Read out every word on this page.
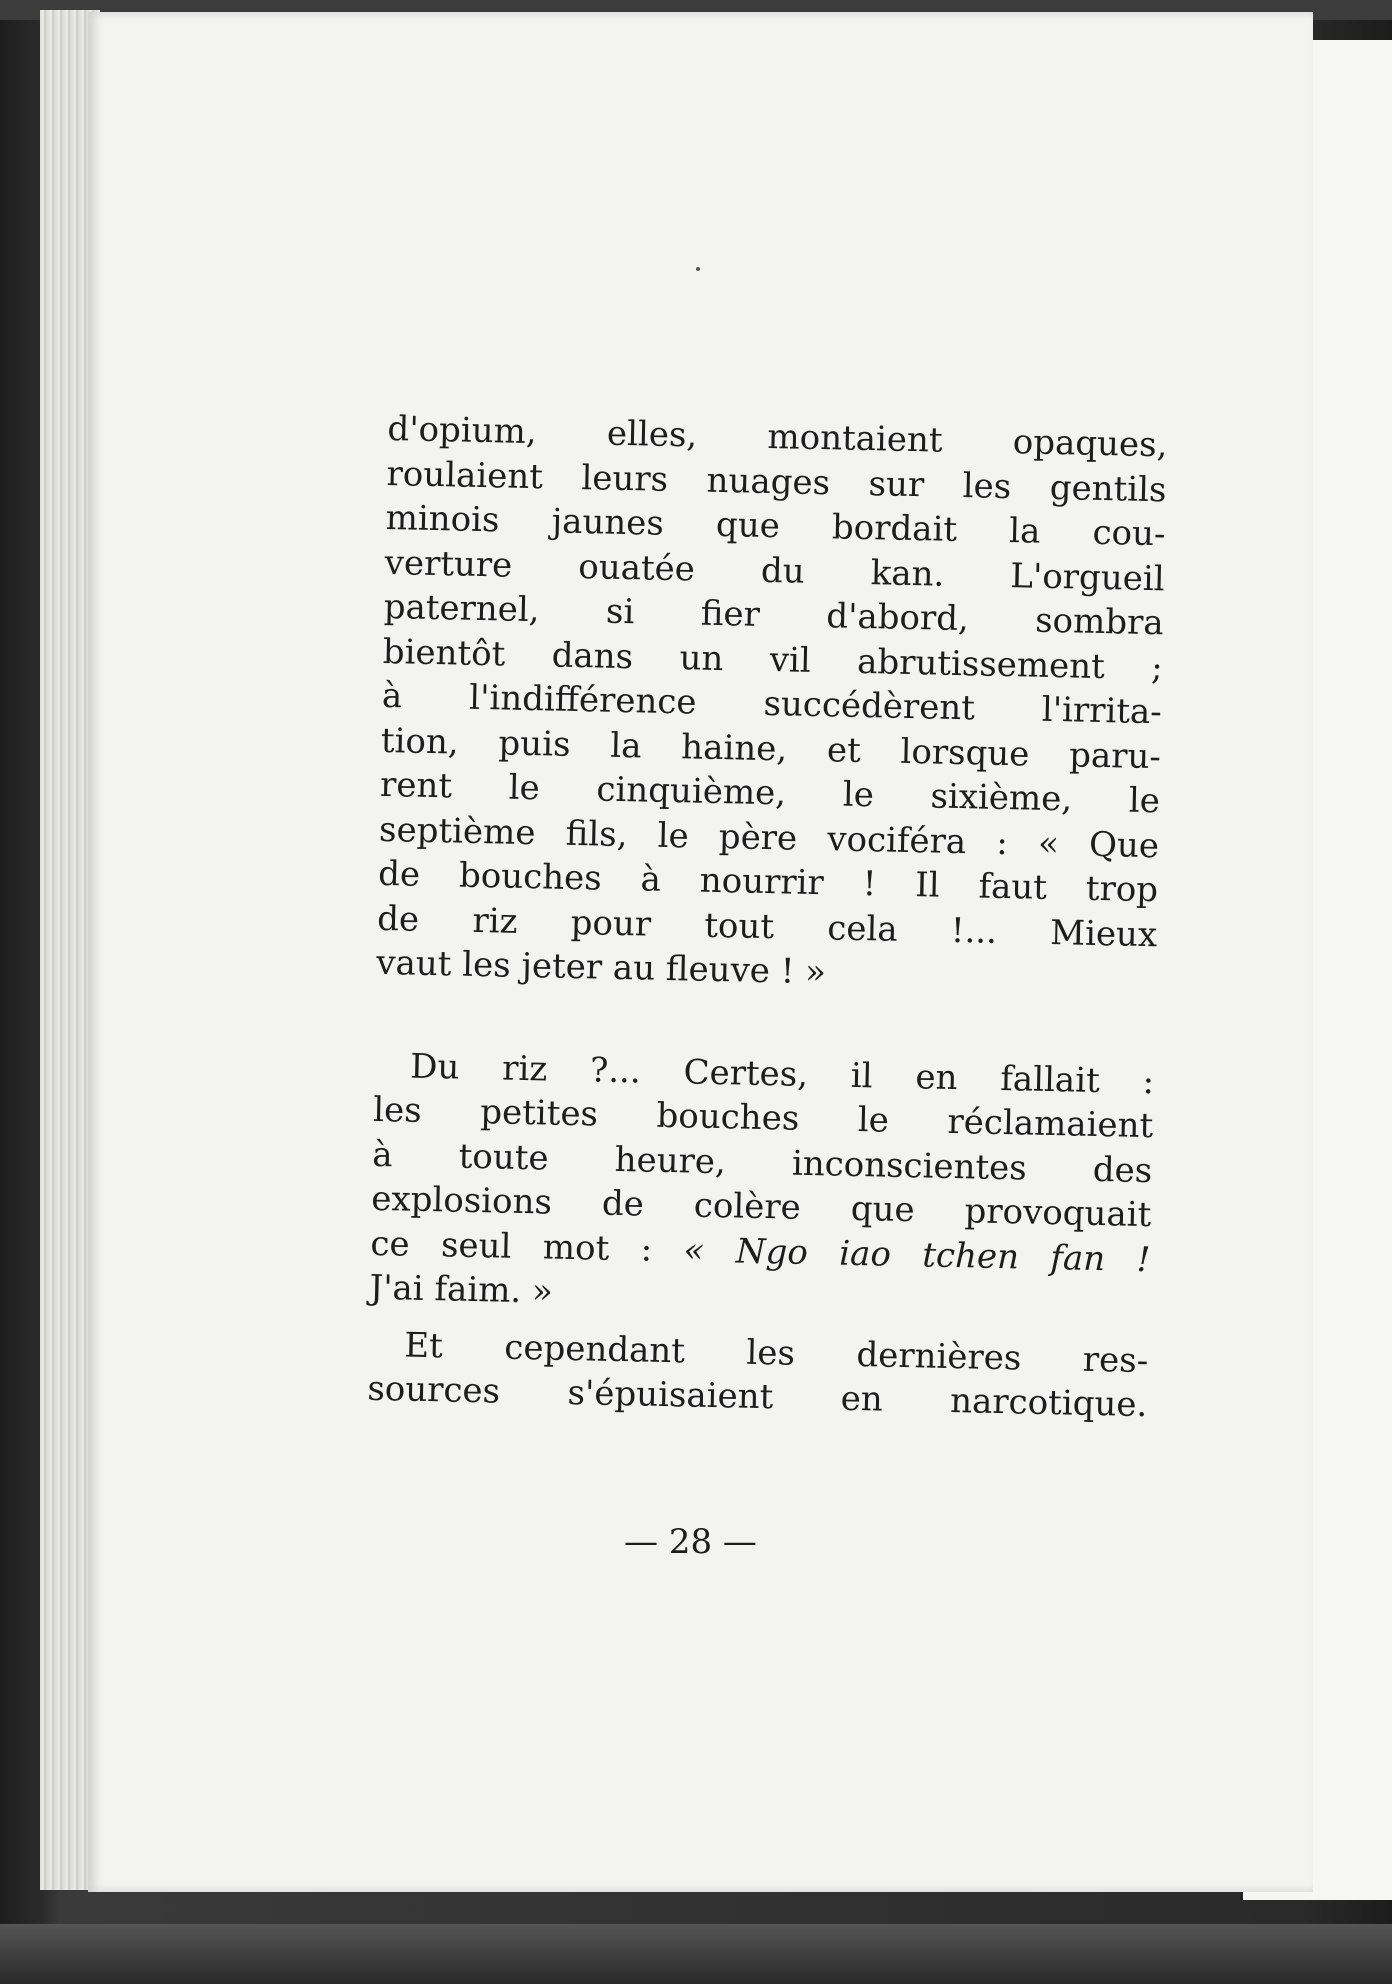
d'opium, elles, montaient opaques,
roulaient leurs nuages sur les gentils
minois jaunes que bordait la cou-
verture ouatée du kan. L'orgueil
paternel, si fier d'abord, sombra
bientôt dans un vil abrutissement ;
à l'indifférence succédèrent l'irrita-
tion, puis la haine, et lorsque paru-
rent le cinquième, le sixième, le
septième fils, le père vociféra : « Que
de bouches à nourrir ! Il faut trop
de riz pour tout cela !... Mieux
vaut les jeter au fleuve ! »
Du riz ?... Certes, il en fallait :
les petites bouches le réclamaient
à toute heure, inconscientes des
explosions de colère que provoquait
ce seul mot : « Ngo iao tchen fan !
J'ai faim. »
Et cependant les dernières res-
sources s'épuisaient en narcotique.
— 28 —
